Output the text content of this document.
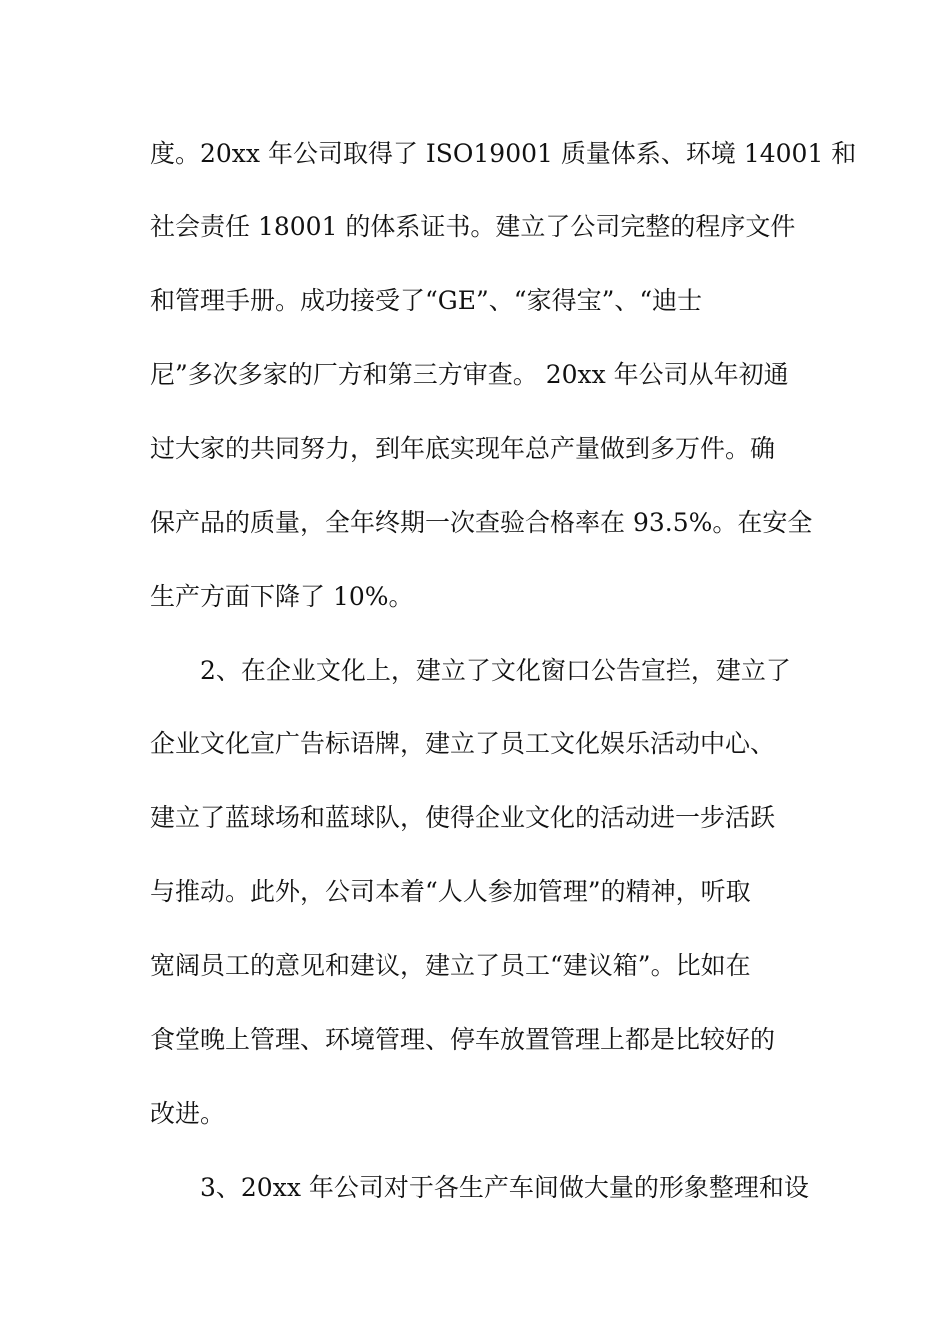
度。20xx 年公司取得了 ISO19001 质量体系、环境 14001 和
社会责任 18001 的体系证书。建立了公司完整的程序文件
和管理手册。成功接受了“GE”、“家得宝”、“迪士
尼”多次多家的厂方和第三方审查。 20xx 年公司从年初通
过大家的共同努力，到年底实现年总产量做到多万件。确
保产品的质量，全年终期一次查验合格率在 93.5%。在安全
生产方面下降了 10%。
2、在企业文化上，建立了文化窗口公告宣拦，建立了
企业文化宣广告标语牌，建立了员工文化娱乐活动中心、
建立了蓝球场和蓝球队，使得企业文化的活动进一步活跃
与推动。此外，公司本着“人人参加管理”的精神，听取
宽阔员工的意见和建议，建立了员工“建议箱”。比如在
食堂晚上管理、环境管理、停车放置管理上都是比较好的
改进。
3、20xx 年公司对于各生产车间做大量的形象整理和设
